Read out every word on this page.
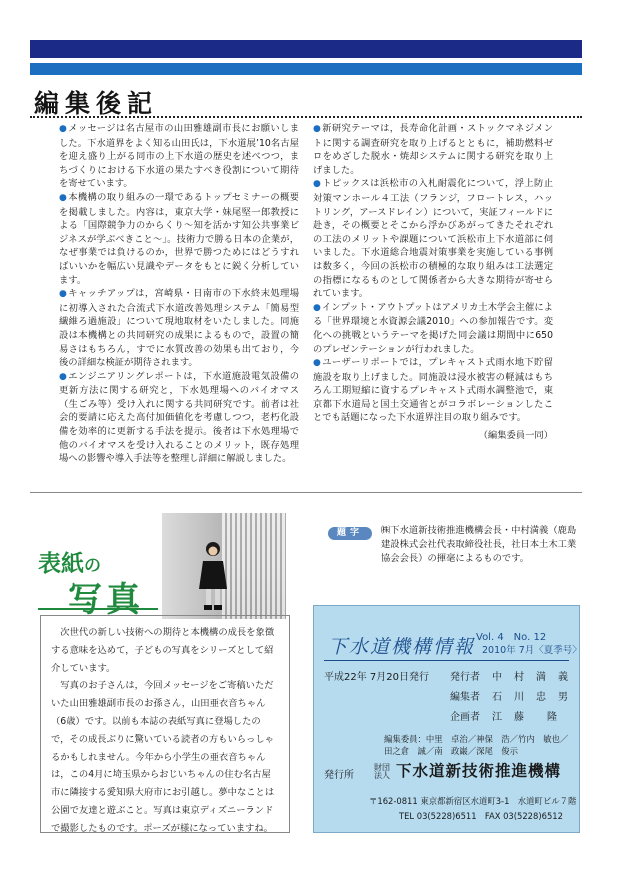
編集後記

●メッセージは名古屋市の山田雅雄副市長にお願いしました。下水道界をよく知る山田氏は，下水道展’10名古屋を迎え盛り上がる同市の上下水道の歴史を述べつつ，まちづくりにおける下水道の果たすべき役割について期待を寄せています。

●本機構の取り組みの一環であるトップセミナーの概要を掲載しました。内容は，東京大学・妹尾堅一郎教授による「国際競争力のからくり～知を活かす知公共事業ビジネスが学ぶべきこと～」。技術力で勝る日本の企業が，なぜ事業では負けるのか，世界で勝つためにはどうすればいいかを幅広い見識やデータをもとに鋭く分析しています。

●キャッチアップは，宮崎県・日南市の下水終末処理場に初導入された合流式下水道改善処理システム「簡易型繊維ろ過施設」について現地取材をいたしました。同施設は本機構との共同研究の成果によるもので，設置の簡易さはもちろん，すでに水質改善の効果も出ており，今後の詳細な検証が期待されます。

●エンジニアリングレポートは，下水道施設電気設備の更新方法に関する研究と，下水処理場へのバイオマス（生ごみ等）受け入れに関する共同研究です。前者は社会的要請に応えた高付加価値化を考慮しつつ，老朽化設備を効率的に更新する手法を提示。後者は下水処理場で他のバイオマスを受け入れることのメリット，既存処理場への影響や導入手法等を整理し詳細に解説しました。

●新研究テーマは，長寿命化計画・ストックマネジメントに関する調査研究を取り上げるとともに，補助燃料ゼロをめざした脱水・焼却システムに関する研究を取り上げました。

●トピックスは浜松市の入札耐震化について，浮上防止対策マンホール４工法（フランジ，フロートレス，ハットリング，アースドレイン）について，実証フィールドに赴き，その概要とそこから浮かびあがってきたそれぞれの工法のメリットや課題について浜松市上下水道部に伺いました。下水道総合地震対策事業を実施している事例は数多く，今回の浜松市の積極的な取り組みは工法選定の指標になるものとして関係者から大きな期待が寄せられています。

●インプット・アウトプットはアメリカ土木学会主催による「世界環境と水資源会議2010」への参加報告です。変化への挑戦というテーマを掲げた同会議は期間中に650のプレゼンテーションが行われました。

●ユーザーリポートでは，プレキャスト式雨水地下貯留施設を取り上げました。同施設は浸水被害の軽減はもちろん工期短縮に資するプレキャスト式雨水調整池で，東京都下水道局と国土交通省とがコラボレーションしたことでも話題になった下水道界注目の取り組みです。

（編集委員一同）

表紙の
写真

次世代の新しい技術への期待と本機構の成長を象徴する意味を込めて，子どもの写真をシリーズとして紹介しています。

写真のお子さんは，今回メッセージをご寄稿いただいた山田雅雄副市長のお孫さん，山田亜衣音ちゃん（6歳）です。以前も本誌の表紙写真に登場したので，その成長ぶりに驚いている読者の方もいらっしゃるかもしれません。今年から小学生の亜衣音ちゃんは，この4月に埼玉県からおじいちゃんの住む名古屋市に隣接する愛知県大府市にお引越し。夢中なことは公園で友達と遊ぶこと。写真は東京ディズニーランドで撮影したものです。ポーズが様になっていますね。

題字	㈱下水道新技術推進機構会長・中村満義（鹿島建設株式会社代表取締役社長，社日本土木工業協会会長）の揮毫によるものです。
下水道機構情報 Vol. 4　No. 12
2010年 7月〈夏季号〉
平成22年 7月20日発行 発行者 中　村　満　義
編集者 石　川　忠　男
企画者 江　藤　　隆
編集委員：中里　卓治／神保　浩／竹内　敏也／田之倉　誠／南　政巌／深尾　俊示
発行所
財団法人 下水道新技術推進機構
〒162-0811 東京都新宿区水道町3-1　水道町ビル７階
TEL 03(5228)6511　FAX 03(5228)6512
